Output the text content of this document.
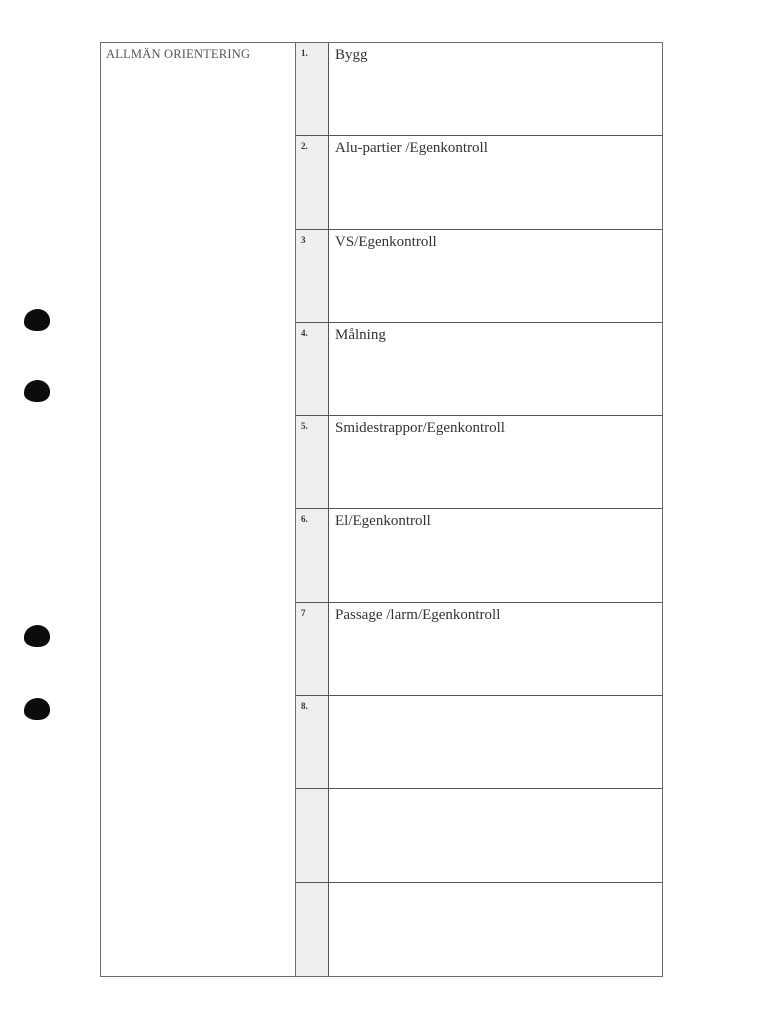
ALLMÄN ORIENTERING	1. Bygg
2. Alu-partier /Egenkontroll
3 VS/Egenkontroll
4. Målning
5. Smidestrappor/Egenkontroll
6. El/Egenkontroll
7 Passage /larm/Egenkontroll
8.
